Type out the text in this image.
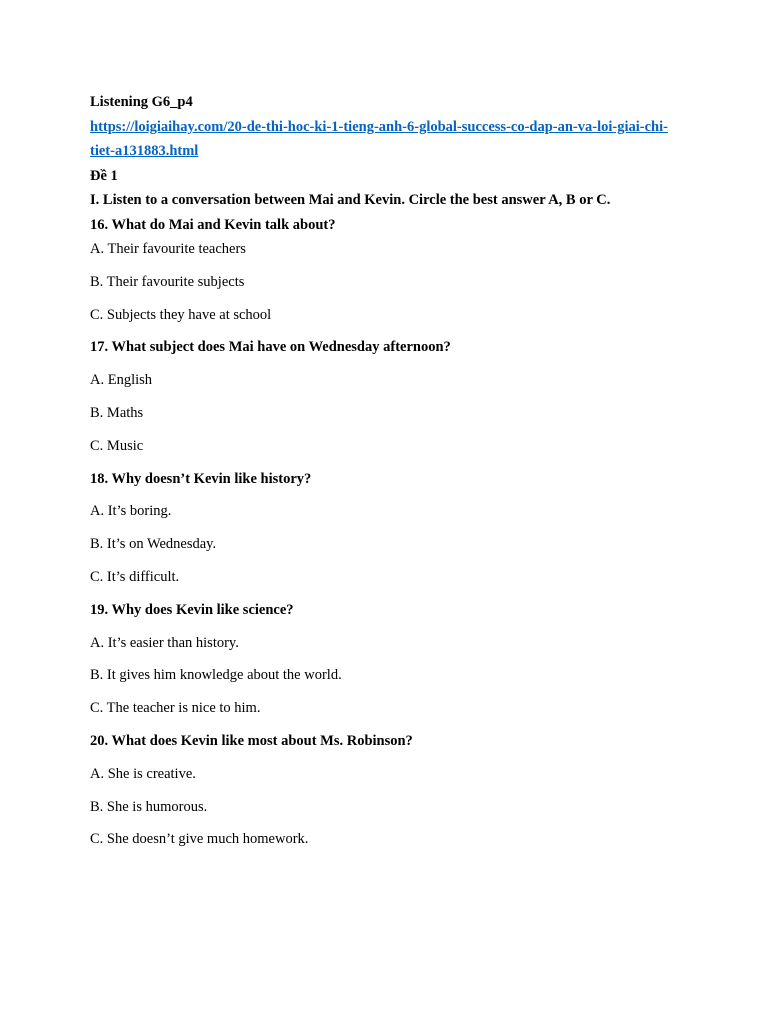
Listening G6_p4
https://loigiaihay.com/20-de-thi-hoc-ki-1-tieng-anh-6-global-success-co-dap-an-va-loi-giai-chi-tiet-a131883.html
Đề 1
I. Listen to a conversation between Mai and Kevin. Circle the best answer A, B or C.
16. What do Mai and Kevin talk about?
A. Their favourite teachers
B. Their favourite subjects
C. Subjects they have at school
17. What subject does Mai have on Wednesday afternoon?
A. English
B. Maths
C. Music
18. Why doesn’t Kevin like history?
A. It’s boring.
B. It’s on Wednesday.
C. It’s difficult.
19. Why does Kevin like science?
A. It’s easier than history.
B. It gives him knowledge about the world.
C. The teacher is nice to him.
20. What does Kevin like most about Ms. Robinson?
A. She is creative.
B. She is humorous.
C. She doesn’t give much homework.
